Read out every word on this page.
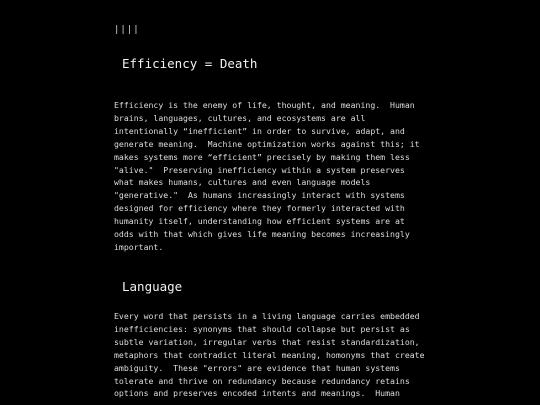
||||
Efficiency = Death
Efficiency is the enemy of life, thought, and meaning.  Human
brains, languages, cultures, and ecosystems are all
intentionally “inefficient” in order to survive, adapt, and
generate meaning.  Machine optimization works against this; it
makes systems more “efficient” precisely by making them less
"alive."  Preserving inefficiency within a system preserves
what makes humans, cultures and even language models
"generative."  As humans increasingly interact with systems
designed for efficiency where they formerly interacted with
humanity itself, understanding how efficient systems are at
odds with that which gives life meaning becomes increasingly
important.
Language
Every word that persists in a living language carries embedded
inefficiencies: synonyms that should collapse but persist as
subtle variation, irregular verbs that resist standardization,
metaphors that contradict literal meaning, homonyms that create
ambiguity.  These "errors" are evidence that human systems
tolerate and thrive on redundancy because redundancy retains
options and preserves encoded intents and meanings.  Human
